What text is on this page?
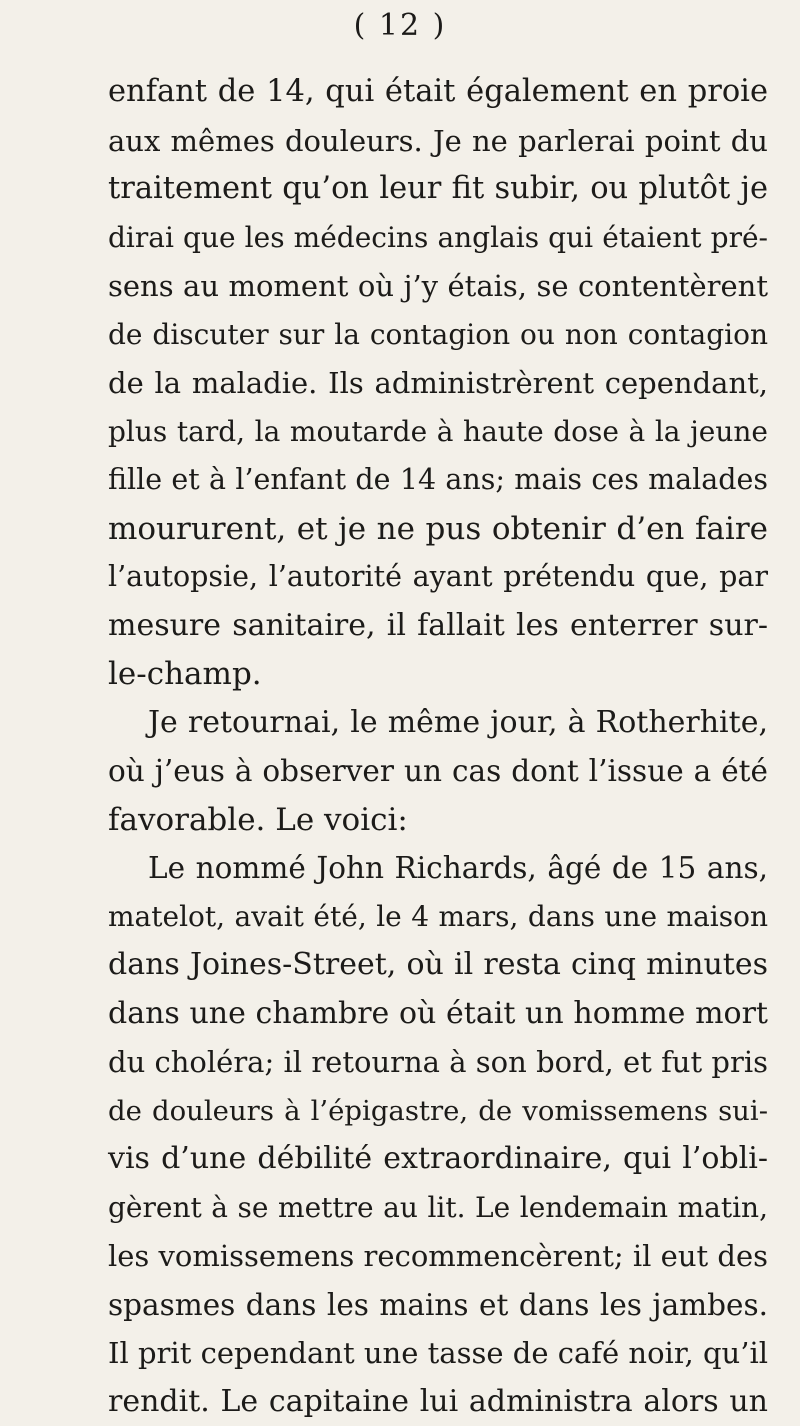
( 12 )
enfant de 14, qui était également en proie
aux mêmes douleurs. Je ne parlerai point du
traitement qu’on leur fit subir, ou plutôt je
dirai que les médecins anglais qui étaient pré-
sens au moment où j’y étais, se contentèrent
de discuter sur la contagion ou non contagion
de la maladie. Ils administrèrent cependant,
plus tard, la moutarde à haute dose à la jeune
fille et à l’enfant de 14 ans; mais ces malades
moururent, et je ne pus obtenir d’en faire
l’autopsie, l’autorité ayant prétendu que, par
mesure sanitaire, il fallait les enterrer sur-
le-champ.
Je retournai, le même jour, à Rotherhite,
où j’eus à observer un cas dont l’issue a été
favorable. Le voici:
Le nommé John Richards, âgé de 15 ans,
matelot, avait été, le 4 mars, dans une maison
dans Joines-Street, où il resta cinq minutes
dans une chambre où était un homme mort
du choléra; il retourna à son bord, et fut pris
de douleurs à l’épigastre, de vomissemens sui-
vis d’une débilité extraordinaire, qui l’obli-
gèrent à se mettre au lit. Le lendemain matin,
les vomissemens recommencèrent; il eut des
spasmes dans les mains et dans les jambes.
Il prit cependant une tasse de café noir, qu’il
rendit. Le capitaine lui administra alors un
